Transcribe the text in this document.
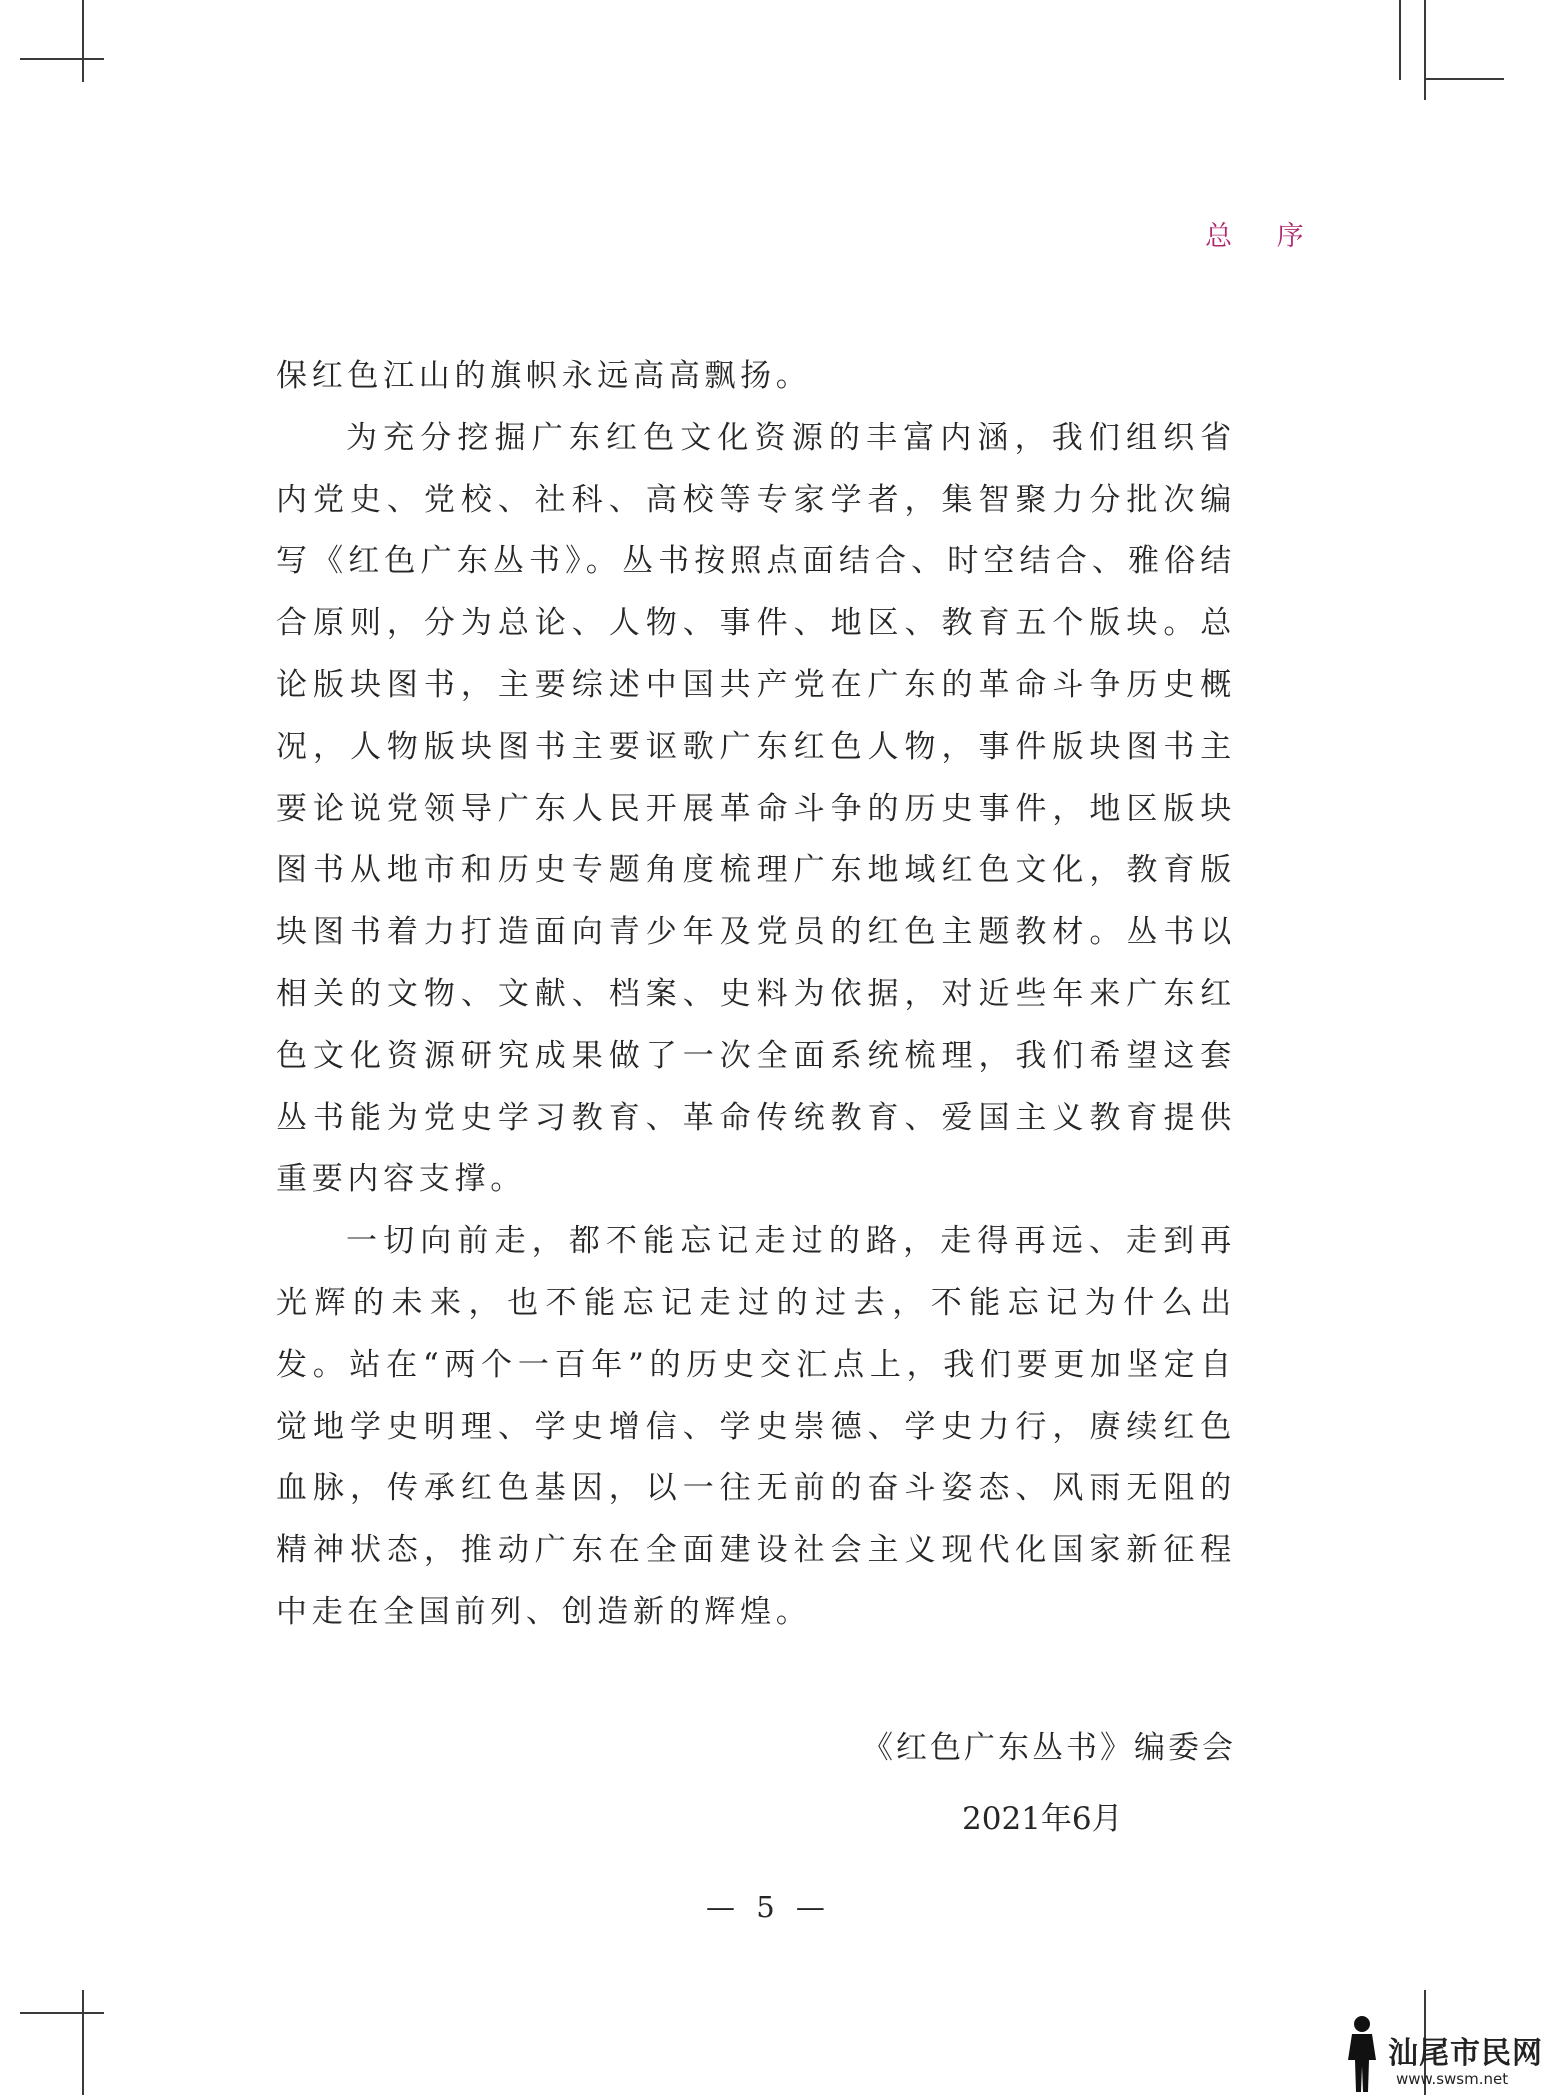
总 序

保红色江山的旗帜永远高高飘扬。

为充分挖掘广东红色文化资源的丰富内涵，我们组织省内党史、党校、社科、高校等专家学者，集智聚力分批次编写《红色广东丛书》。丛书按照点面结合、时空结合、雅俗结合原则，分为总论、人物、事件、地区、教育五个版块。总论版块图书，主要综述中国共产党在广东的革命斗争历史概况，人物版块图书主要讴歌广东红色人物，事件版块图书主要论说党领导广东人民开展革命斗争的历史事件，地区版块图书从地市和历史专题角度梳理广东地域红色文化，教育版块图书着力打造面向青少年及党员的红色主题教材。丛书以相关的文物、文献、档案、史料为依据，对近些年来广东红色文化资源研究成果做了一次全面系统梳理，我们希望这套丛书能为党史学习教育、革命传统教育、爱国主义教育提供重要内容支撑。

一切向前走，都不能忘记走过的路，走得再远、走到再光辉的未来，也不能忘记走过的过去，不能忘记为什么出发。站在“两个一百年”的历史交汇点上，我们要更加坚定自觉地学史明理、学史增信、学史崇德、学史力行，赓续红色血脉，传承红色基因，以一往无前的奋斗姿态、风雨无阻的精神状态，推动广东在全面建设社会主义现代化国家新征程中走在全国前列、创造新的辉煌。

《红色广东丛书》编委会
2021年6月
— 5 —
汕尾市民网
www.swsm.net
